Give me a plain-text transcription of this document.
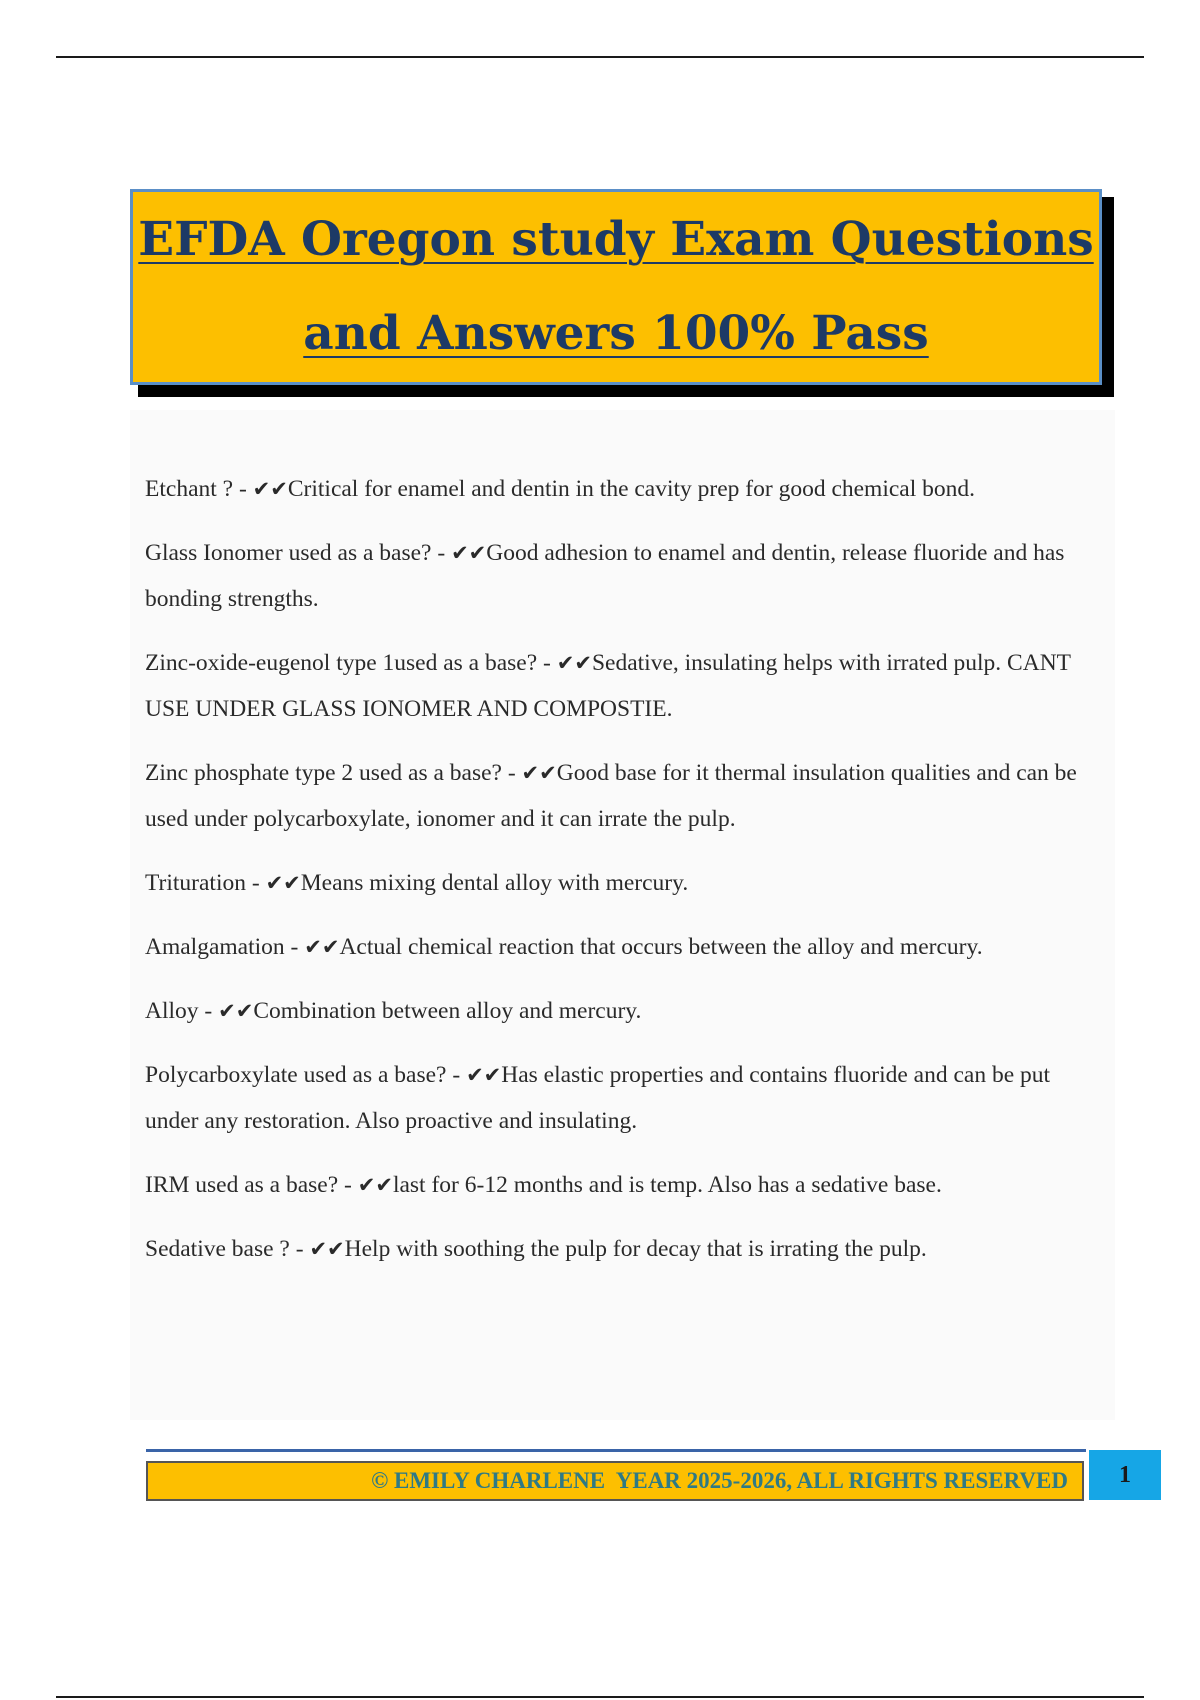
EFDA Oregon study Exam Questions
and Answers 100% Pass

Etchant ? - ✔✔Critical for enamel and dentin in the cavity prep for good chemical bond.

Glass Ionomer used as a base? - ✔✔Good adhesion to enamel and dentin, release fluoride and has bonding strengths.

Zinc-oxide-eugenol type 1used as a base? - ✔✔Sedative, insulating helps with irrated pulp. CANT USE UNDER GLASS IONOMER AND COMPOSTIE.

Zinc phosphate type 2 used as a base? - ✔✔Good base for it thermal insulation qualities and can be used under polycarboxylate, ionomer and it can irrate the pulp.

Trituration - ✔✔Means mixing dental alloy with mercury.

Amalgamation - ✔✔Actual chemical reaction that occurs between the alloy and mercury.

Alloy - ✔✔Combination between alloy and mercury.

Polycarboxylate used as a base? - ✔✔Has elastic properties and contains fluoride and can be put under any restoration. Also proactive and insulating.

IRM used as a base? - ✔✔last for 6-12 months and is temp. Also has a sedative base.

Sedative base ? - ✔✔Help with soothing the pulp for decay that is irrating the pulp.

© EMILY CHARLENE  YEAR 2025-2026, ALL RIGHTS RESERVED 1
